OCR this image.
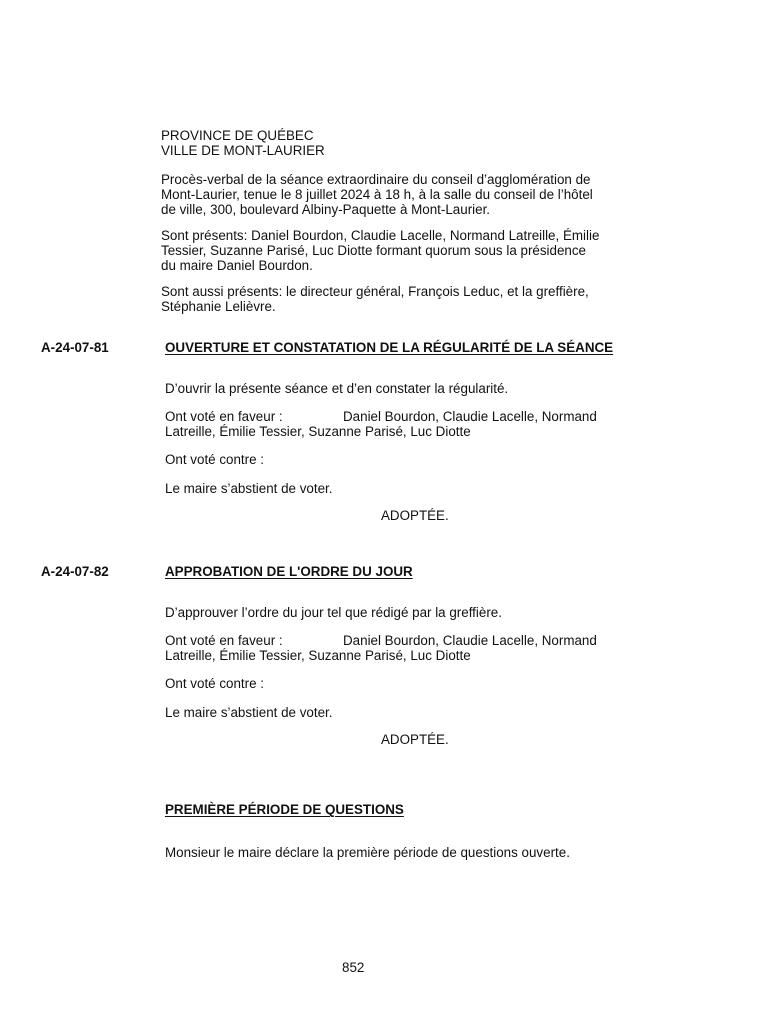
PROVINCE DE QUÉBEC
VILLE DE MONT-LAURIER
Procès-verbal de la séance extraordinaire du conseil d’agglomération de
Mont-Laurier, tenue le 8 juillet 2024 à 18 h, à la salle du conseil de l’hôtel
de ville, 300, boulevard Albiny-Paquette à Mont-Laurier.
Sont présents: Daniel Bourdon, Claudie Lacelle, Normand Latreille, Émilie
Tessier, Suzanne Parisé, Luc Diotte formant quorum sous la présidence
du maire Daniel Bourdon.
Sont aussi présents: le directeur général, François Leduc, et la greffière,
Stéphanie Lelièvre.
A-24-07-81	OUVERTURE ET CONSTATATION DE LA RÉGULARITÉ DE LA SÉANCE
D’ouvrir la présente séance et d’en constater la régularité.
Ont voté en faveur :	Daniel Bourdon, Claudie Lacelle, Normand
Latreille, Émilie Tessier, Suzanne Parisé, Luc Diotte
Ont voté contre :
Le maire s’abstient de voter.
ADOPTÉE.
A-24-07-82	APPROBATION DE L'ORDRE DU JOUR
D’approuver l’ordre du jour tel que rédigé par la greffière.
Ont voté en faveur :	Daniel Bourdon, Claudie Lacelle, Normand
Latreille, Émilie Tessier, Suzanne Parisé, Luc Diotte
Ont voté contre :
Le maire s’abstient de voter.
ADOPTÉE.
PREMIÈRE PÉRIODE DE QUESTIONS
Monsieur le maire déclare la première période de questions ouverte.
852
